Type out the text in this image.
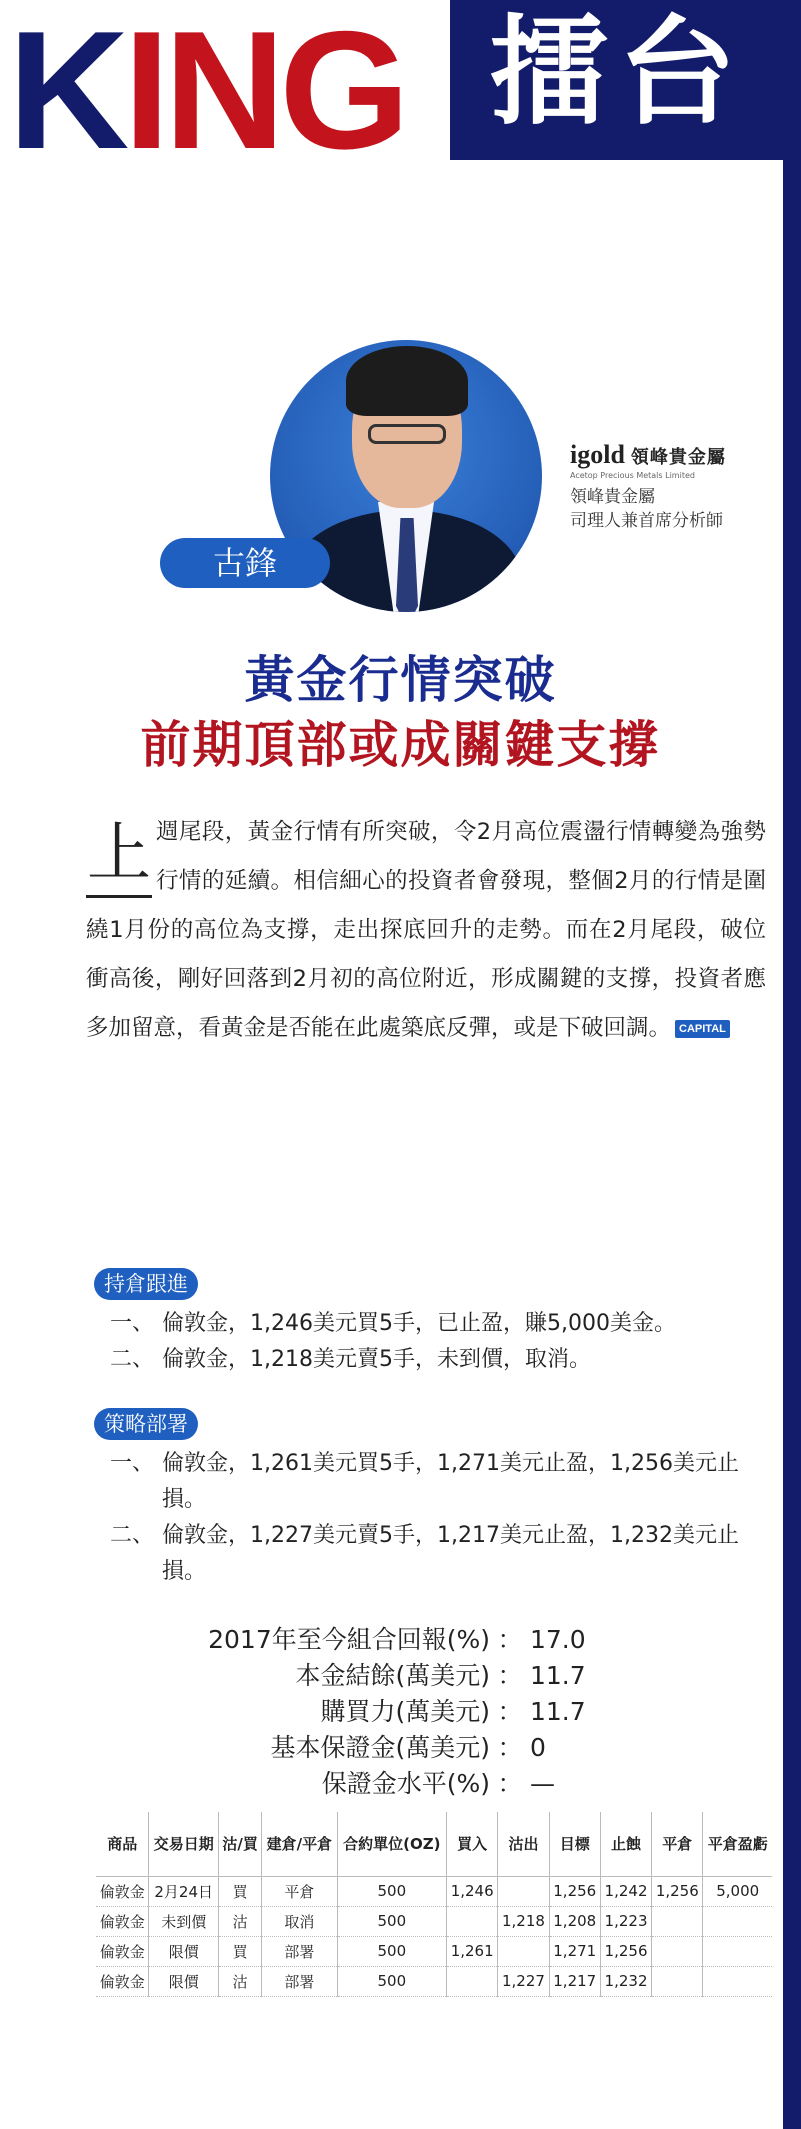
KING 擂台
古鋒
igold 領峰貴金屬
Acetop Precious Metals Limited
領峰貴金屬
司理人兼首席分析師
黃金行情突破
前期頂部或成關鍵支撐
上 週尾段，黃金行情有所突破，令2月高位震盪行情轉變為強勢行情的延續。相信細心的投資者會發現，整個2月的行情是圍繞1月份的高位為支撐，走出探底回升的走勢。而在2月尾段，破位衝高後，剛好回落到2月初的高位附近，形成關鍵的支撐，投資者應多加留意，看黃金是否能在此處築底反彈，或是下破回調。 CAPITAL
持倉跟進
一、 倫敦金，1,246美元買5手，已止盈，賺5,000美金。
二、 倫敦金，1,218美元賣5手，未到價，取消。
策略部署
一、 倫敦金，1,261美元買5手，1,271美元止盈，1,256美元止損。
二、 倫敦金，1,227美元賣5手，1,217美元止盈，1,232美元止損。
2017年至今組合回報(%) ： 17.0
本金結餘(萬美元) ： 11.7
購買力(萬美元) ： 11.7
基本保證金(萬美元) ： 0
保證金水平(%) ： —
商品	交易日期	沽/買	建倉/平倉	合約單位(OZ)	買入	沽出	目標	止蝕	平倉	平倉盈虧
倫敦金	2月24日	買	平倉	500	1,246		1,256	1,242	1,256	5,000
倫敦金	未到價	沽	取消	500		1,218	1,208	1,223		
倫敦金	限價	買	部署	500	1,261		1,271	1,256		
倫敦金	限價	沽	部署	500		1,227	1,217	1,232		
